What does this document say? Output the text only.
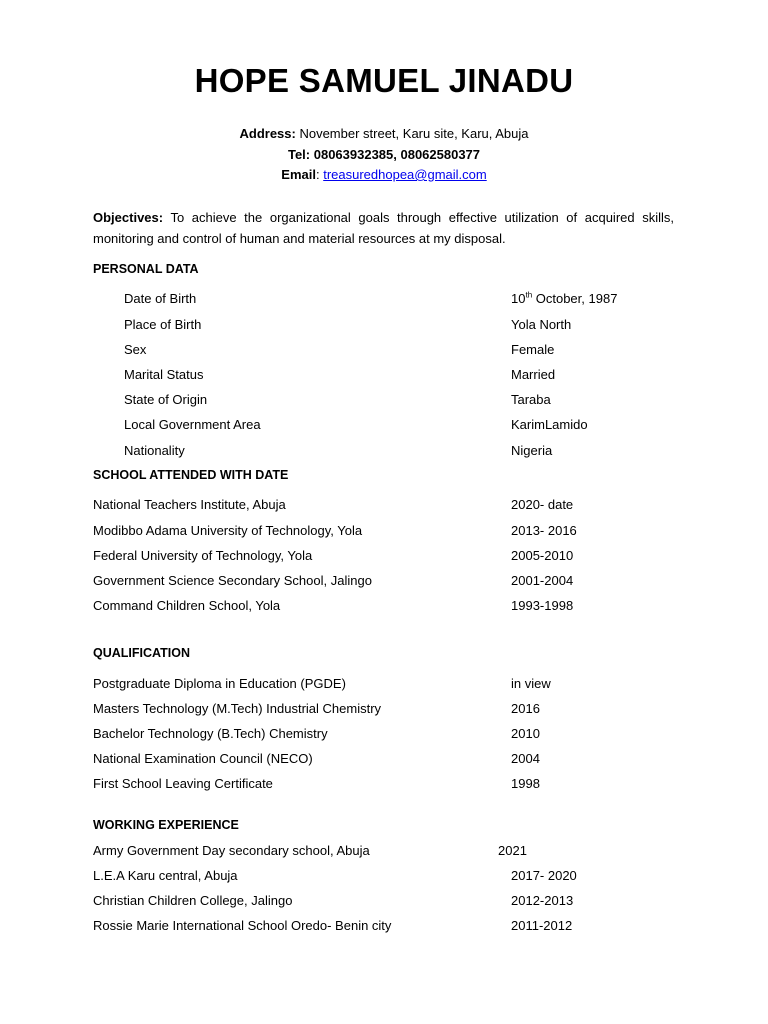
HOPE SAMUEL JINADU
Address: November street, Karu site, Karu, Abuja
Tel: 08063932385, 08062580377
Email: treasuredhopea@gmail.com
Objectives: To achieve the organizational goals through effective utilization of acquired skills, monitoring and control of human and material resources at my disposal.
PERSONAL DATA
Date of Birth	10th October, 1987
Place of Birth	Yola North
Sex	Female
Marital Status	Married
State of Origin	Taraba
Local Government Area	KarimLamido
Nationality	Nigeria
SCHOOL ATTENDED WITH DATE
National Teachers Institute, Abuja	2020- date
Modibbo Adama University of Technology, Yola	2013- 2016
Federal University of Technology, Yola	2005-2010
Government Science Secondary School, Jalingo	2001-2004
Command Children School, Yola	1993-1998
QUALIFICATION
Postgraduate Diploma in Education (PGDE)	in view
Masters Technology (M.Tech) Industrial Chemistry	2016
Bachelor Technology (B.Tech) Chemistry	2010
National Examination Council (NECO)	2004
First School Leaving Certificate	1998
WORKING EXPERIENCE
Army Government Day secondary school, Abuja	2021
L.E.A Karu central, Abuja	2017- 2020
Christian Children College, Jalingo	2012-2013
Rossie Marie International School Oredo- Benin city	2011-2012
